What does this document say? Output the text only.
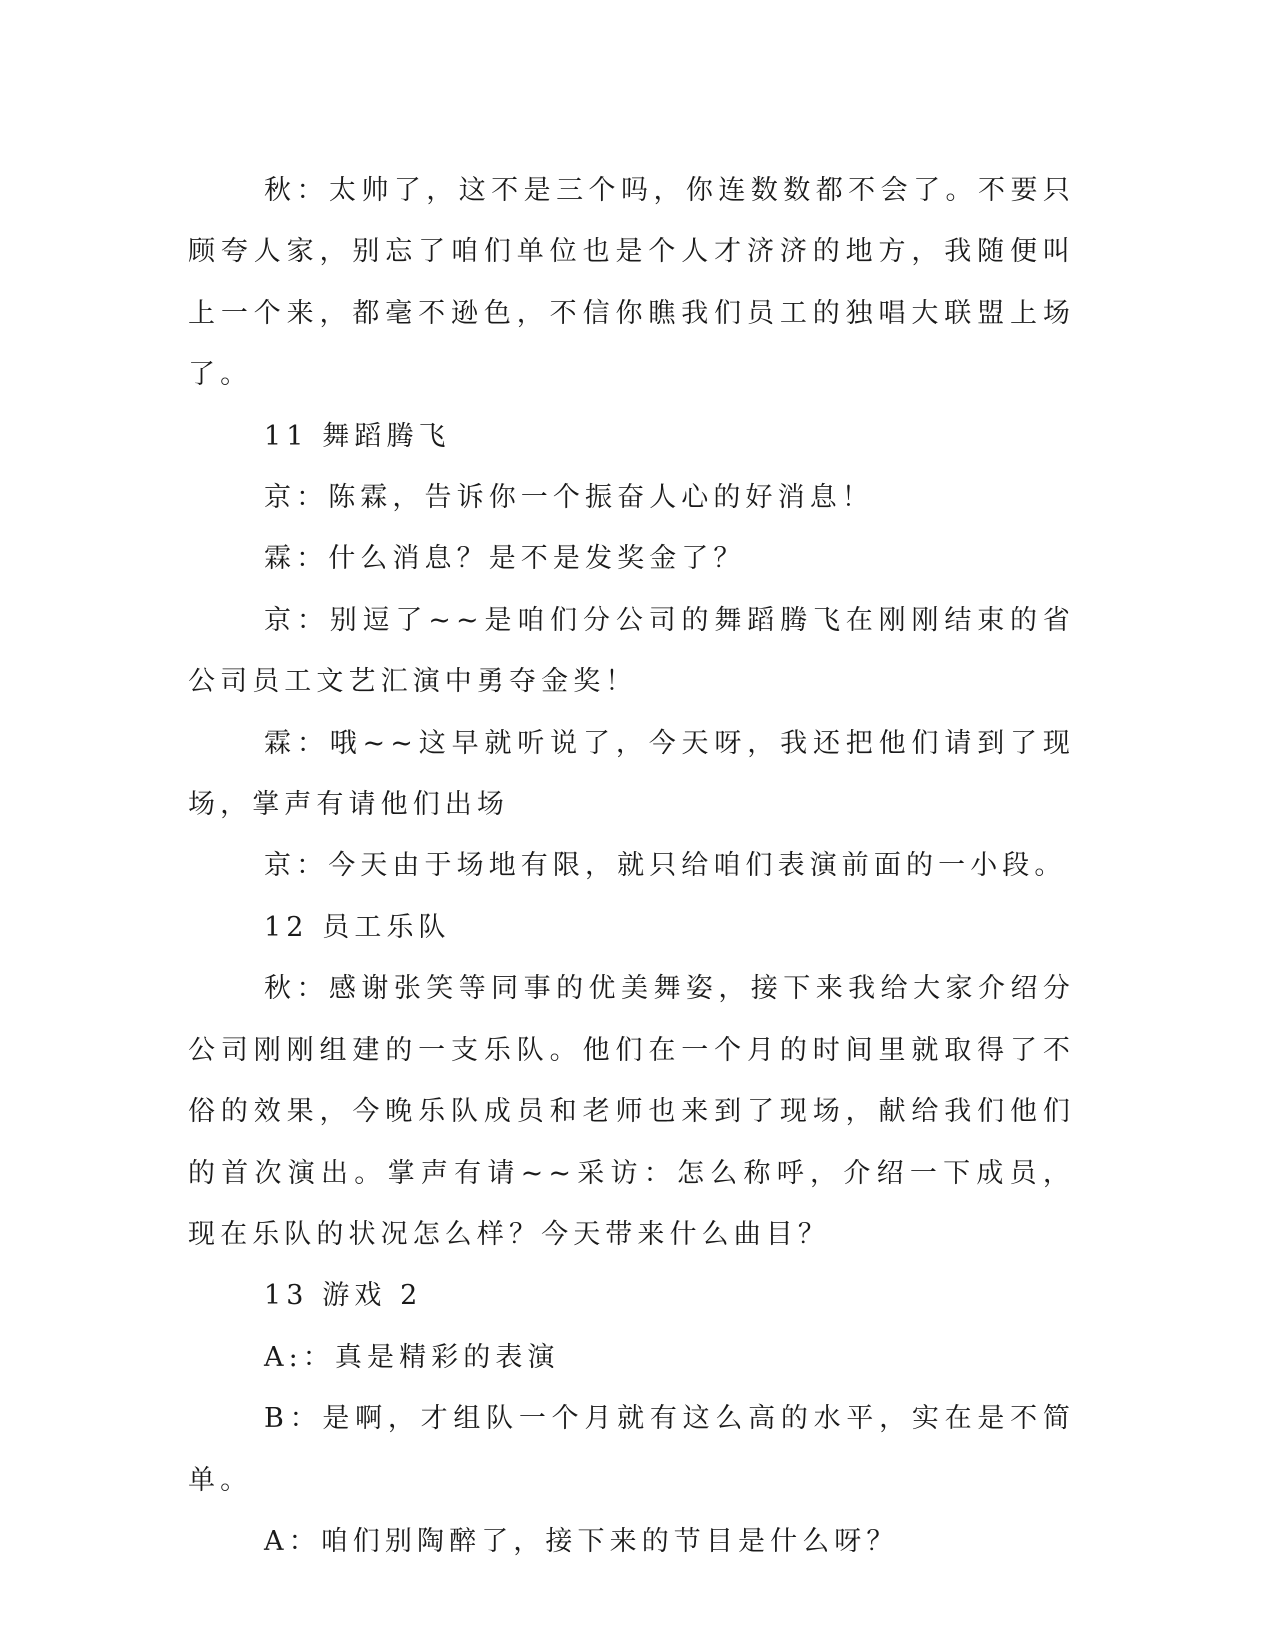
秋：太帅了，这不是三个吗，你连数数都不会了。不要只顾夸人家，别忘了咱们单位也是个人才济济的地方，我随便叫上一个来，都毫不逊色，不信你瞧我们员工的独唱大联盟上场了。

11 舞蹈腾飞

京：陈霖，告诉你一个振奋人心的好消息！

霖：什么消息？是不是发奖金了？

京：别逗了~~是咱们分公司的舞蹈腾飞在刚刚结束的省公司员工文艺汇演中勇夺金奖！

霖：哦~~这早就听说了，今天呀，我还把他们请到了现场，掌声有请他们出场

京：今天由于场地有限，就只给咱们表演前面的一小段。

12 员工乐队

秋：感谢张笑等同事的优美舞姿，接下来我给大家介绍分公司刚刚组建的一支乐队。他们在一个月的时间里就取得了不俗的效果，今晚乐队成员和老师也来到了现场，献给我们他们的首次演出。掌声有请~~采访：怎么称呼，介绍一下成员，现在乐队的状况怎么样？今天带来什么曲目？

13 游戏 2

A:：真是精彩的表演

B：是啊，才组队一个月就有这么高的水平，实在是不简单。

A：咱们别陶醉了，接下来的节目是什么呀？
